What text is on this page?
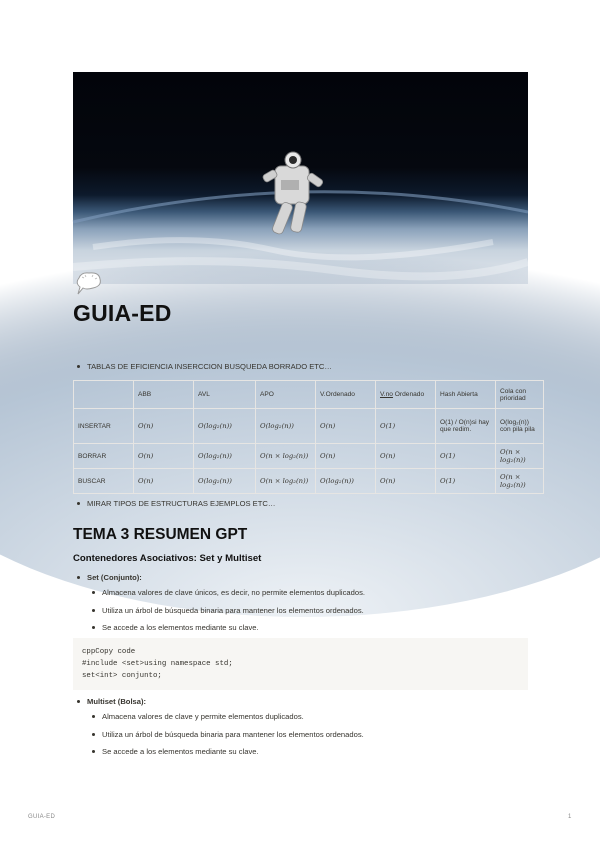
GUIA-ED
TABLAS DE EFICIENCIA INSERCCION BUSQUEDA BORRADO ETC…
	ABB	AVL	APO	V.Ordenado	V.no Ordenado	Hash Abierta	Cola con prioridad
INSERTAR	O(n)	O(log₂(n))	O(log₂(n))	O(n)	O(1)	O(1) / O(n)si hay que redim.	O(log₂(n)) con pila pila
BORRAR	O(n)	O(log₂(n))	O(n × log₂(n))	O(n)	O(n)	O(1)	O(n × log₂(n))
BUSCAR	O(n)	O(log₂(n))	O(n × log₂(n))	O(log₂(n))	O(n)	O(1)	O(n × log₂(n))
MIRAR TIPOS DE ESTRUCTURAS EJEMPLOS ETC…
TEMA 3 RESUMEN GPT
Contenedores Asociativos: Set y Multiset
Set (Conjunto):
Almacena valores de clave únicos, es decir, no permite elementos duplicados.
Utiliza un árbol de búsqueda binaria para mantener los elementos ordenados.
Se accede a los elementos mediante su clave.
cppCopy code
#include <set>using namespace std;
set<int> conjunto;
Multiset (Bolsa):
Almacena valores de clave y permite elementos duplicados.
Utiliza un árbol de búsqueda binaria para mantener los elementos ordenados.
Se accede a los elementos mediante su clave.
GUIA-ED	1
